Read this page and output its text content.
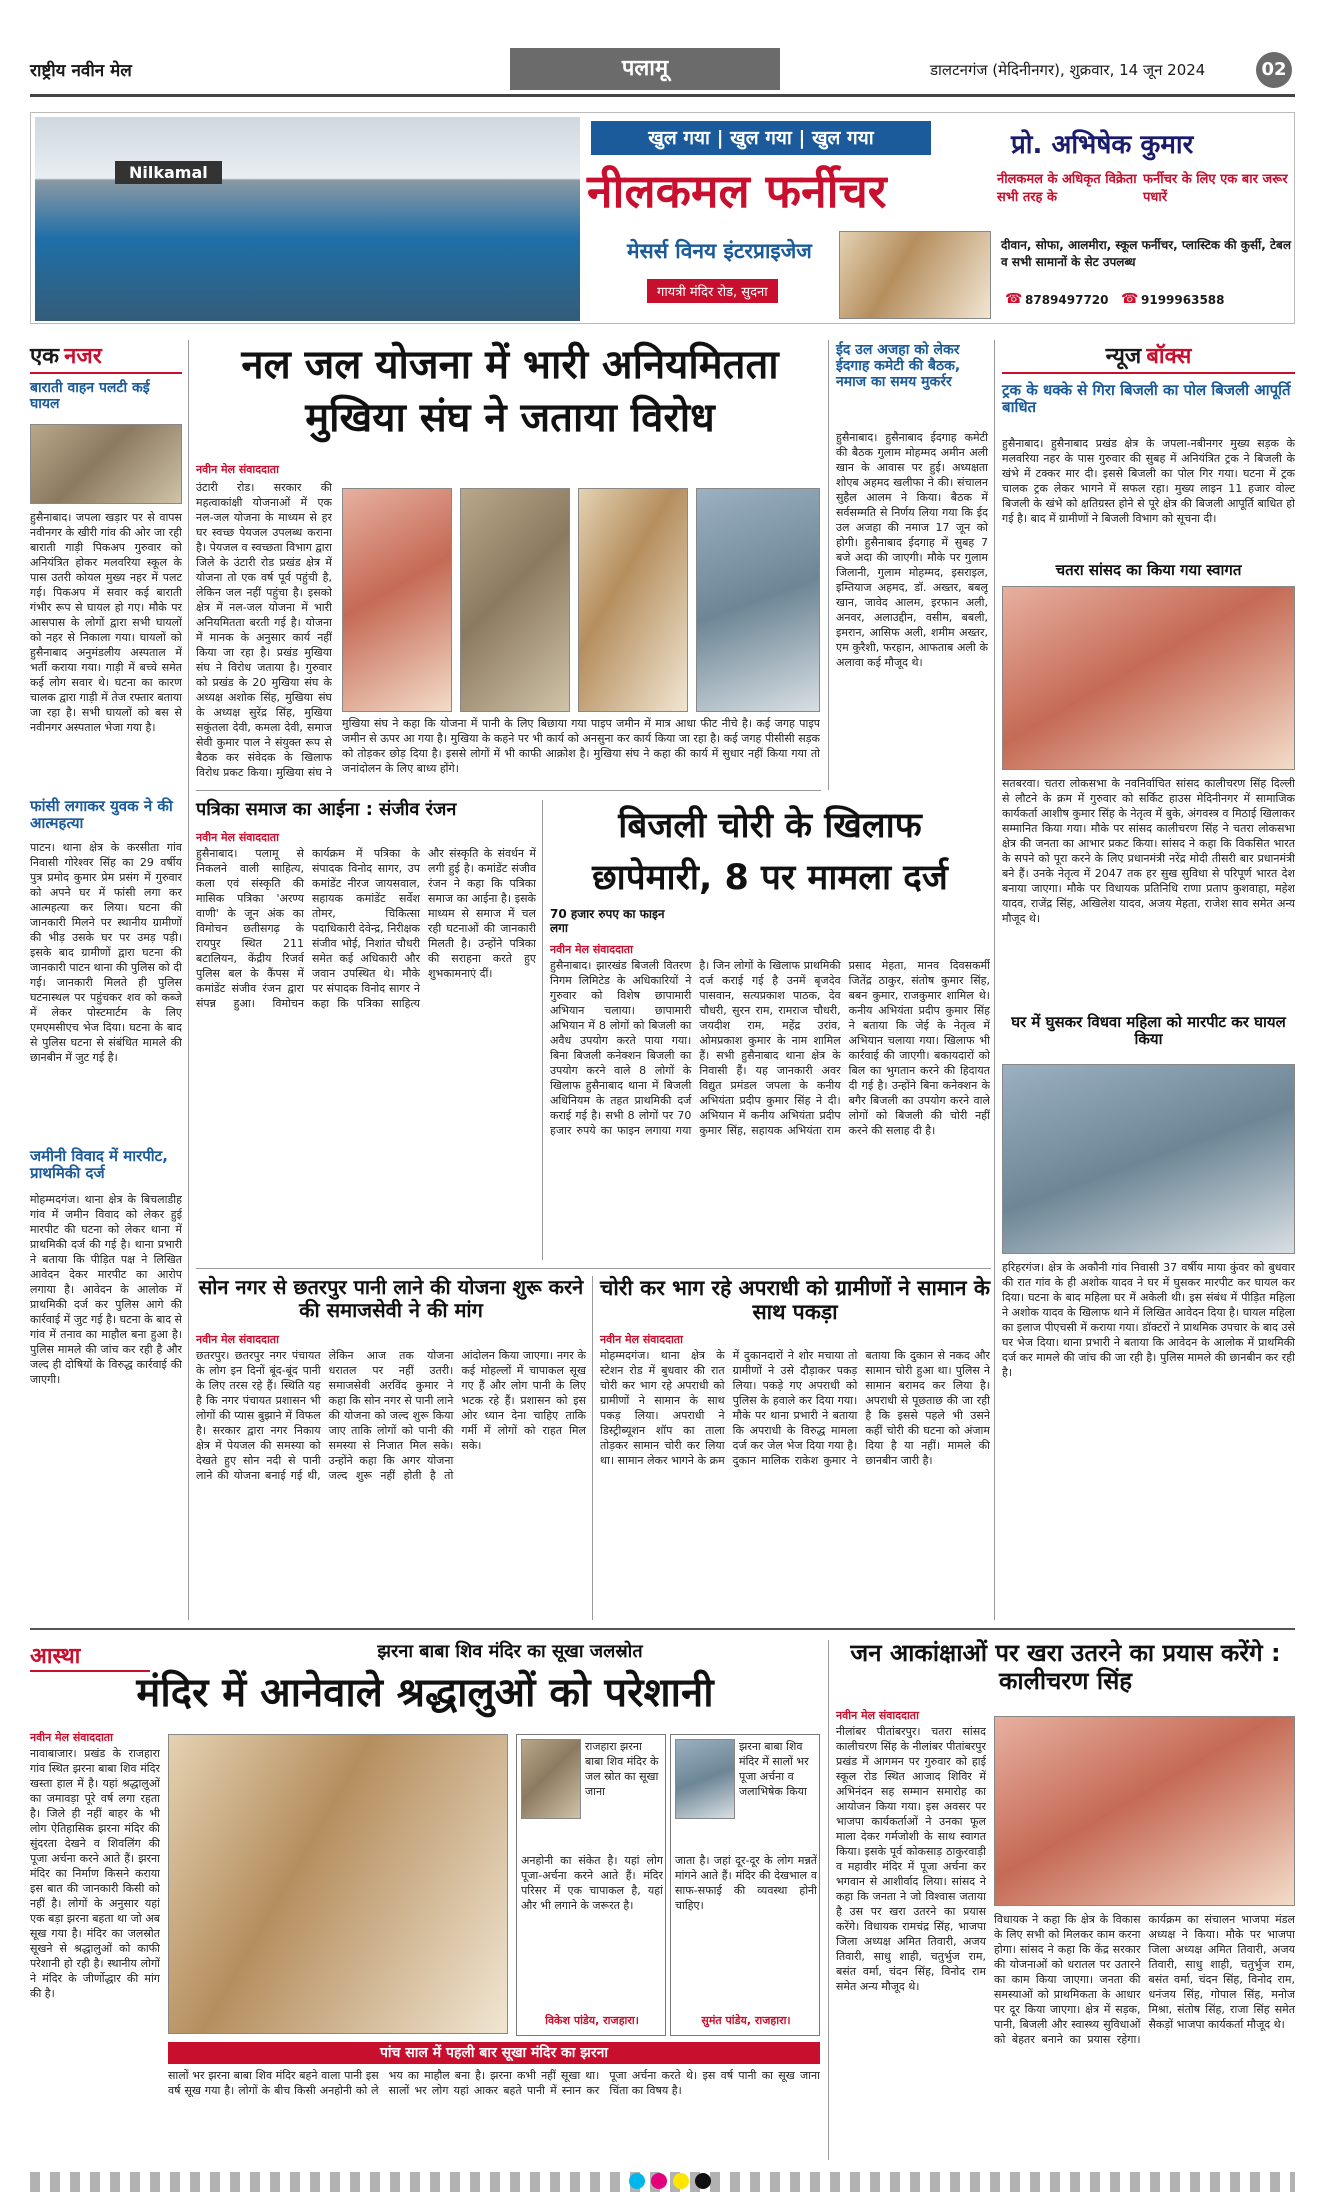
राष्ट्रीय नवीन मेल	पलामू	डालटनगंज (मेदिनीनगर), शुक्रवार, 14 जून 2024	02
Nilkamal
खुल गया | खुल गया | खुल गया
नीलकमल फर्नीचर
मेसर्स विनय इंटरप्राइजेज
गायत्री मंदिर रोड, सुदना
प्रो. अभिषेक कुमार
नीलकमल के अधिकृत विक्रेता सभी तरह के
फर्नीचर के लिए एक बार जरूर पधारें
दीवान, सोफा, आलमीरा, स्कूल फर्नीचर, प्लास्टिक की कुर्सी, टेबल व सभी सामानों के सेट उपलब्ध
☎ 8789497720 ☎ 9199963588
एक नजर
बाराती वाहन पलटी कई घायल
हुसैनाबाद। जपला खड़ार पर से वापस नवीनगर के खीरी गांव की ओर जा रही बाराती गाड़ी पिकअप गुरुवार को अनियंत्रित होकर मलवरिया स्कूल के पास उतरी कोयल मुख्य नहर में पलट गई। पिकअप में सवार कई बाराती गंभीर रूप से घायल हो गए। मौके पर आसपास के लोगों द्वारा सभी घायलों को नहर से निकाला गया। घायलों को हुसैनाबाद अनुमंडलीय अस्पताल में भर्ती कराया गया। गाड़ी में बच्चे समेत कई लोग सवार थे। घटना का कारण चालक द्वारा गाड़ी में तेज रफ्तार बताया जा रहा है। सभी घायलों को बस से नवीनगर अस्पताल भेजा गया है।
फांसी लगाकर युवक ने की आत्महत्या
पाटन। थाना क्षेत्र के करसीता गांव निवासी गोरेश्वर सिंह का 29 वर्षीय पुत्र प्रमोद कुमार प्रेम प्रसंग में गुरुवार को अपने घर में फांसी लगा कर आत्महत्या कर लिया। घटना की जानकारी मिलने पर स्थानीय ग्रामीणों की भीड़ उसके घर पर उमड़ पड़ी। इसके बाद ग्रामीणों द्वारा घटना की जानकारी पाटन थाना की पुलिस को दी गई। जानकारी मिलते ही पुलिस घटनास्थल पर पहुंचकर शव को कब्जे में लेकर पोस्टमार्टम के लिए एमएमसीएच भेज दिया। घटना के बाद से पुलिस घटना से संबंधित मामले की छानबीन में जुट गई है।
जमीनी विवाद में मारपीट, प्राथमिकी दर्ज
मोहम्मदगंज। थाना क्षेत्र के बिचलाडीह गांव में जमीन विवाद को लेकर हुई मारपीट की घटना को लेकर थाना में प्राथमिकी दर्ज की गई है। थाना प्रभारी ने बताया कि पीड़ित पक्ष ने लिखित आवेदन देकर मारपीट का आरोप लगाया है। आवेदन के आलोक में प्राथमिकी दर्ज कर पुलिस आगे की कार्रवाई में जुट गई है। घटना के बाद से गांव में तनाव का माहौल बना हुआ है। पुलिस मामले की जांच कर रही है और जल्द ही दोषियों के विरुद्ध कार्रवाई की जाएगी।
नल जल योजना में भारी अनियमितता
मुखिया संघ ने जताया विरोध
नवीन मेल संवाददाता
उंटारी रोड। सरकार की महत्वाकांक्षी योजनाओं में एक नल-जल योजना के माध्यम से हर घर स्वच्छ पेयजल उपलब्ध कराना है। पेयजल व स्वच्छता विभाग द्वारा जिले के उंटारी रोड प्रखंड क्षेत्र में योजना तो एक वर्ष पूर्व पहुंची है, लेकिन जल नहीं पहुंचा है। इसको क्षेत्र में नल-जल योजना में भारी अनियमितता बरती गई है। योजना में मानक के अनुसार कार्य नहीं किया जा रहा है। प्रखंड मुखिया संघ ने विरोध जताया है। गुरुवार को प्रखंड के 20 मुखिया संघ के अध्यक्ष अशोक सिंह, मुखिया संघ के अध्यक्ष सुरेंद्र सिंह, मुखिया सकुंतला देवी, कमला देवी, समाज सेवी कुमार पाल ने संयुक्त रूप से बैठक कर संवेदक के खिलाफ विरोध प्रकट किया। मुखिया संघ ने
मुखिया संघ ने कहा कि योजना में पानी के लिए बिछाया गया पाइप जमीन में मात्र आधा फीट नीचे है। कई जगह पाइप जमीन से ऊपर आ गया है। मुखिया के कहने पर भी कार्य को अनसुना कर कार्य किया जा रहा है। कई जगह पीसीसी सड़क को तोड़कर छोड़ दिया है। इससे लोगों में भी काफी आक्रोश है। मुखिया संघ ने कहा की कार्य में सुधार नहीं किया गया तो जनांदोलन के लिए बाध्य होंगे।
ईद उल अजहा को लेकर ईदगाह कमेटी की बैठक, नमाज का समय मुकर्रर
हुसैनाबाद। हुसैनाबाद ईदगाह कमेटी की बैठक गुलाम मोहम्मद अमीन अली खान के आवास पर हुई। अध्यक्षता शोएब अहमद खलीफा ने की। संचालन सुहैल आलम ने किया। बैठक में सर्वसम्मति से निर्णय लिया गया कि ईद उल अजहा की नमाज 17 जून को होगी। हुसैनाबाद ईदगाह में सुबह 7 बजे अदा की जाएगी। मौके पर गुलाम जिलानी, गुलाम मोहम्मद, इसराइल, इम्तियाज अहमद, डॉ. अख्तर, बबलू खान, जावेद आलम, इरफान अली, अनवर, अलाउद्दीन, वसीम, बबली, इमरान, आसिफ अली, शमीम अख्तर, एम कुरैशी, फरहान, आफताब अली के अलावा कई मौजूद थे।
न्यूज बॉक्स
ट्रक के धक्के से गिरा बिजली का पोल बिजली आपूर्ति बाधित
हुसैनाबाद। हुसैनाबाद प्रखंड क्षेत्र के जपला-नबीनगर मुख्य सड़क के मलवरिया नहर के पास गुरुवार की सुबह में अनियंत्रित ट्रक ने बिजली के खंभे में टक्कर मार दी। इससे बिजली का पोल गिर गया। घटना में ट्रक चालक ट्रक लेकर भागने में सफल रहा। मुख्य लाइन 11 हजार वोल्ट बिजली के खंभे को क्षतिग्रस्त होने से पूरे क्षेत्र की बिजली आपूर्ति बाधित हो गई है। बाद में ग्रामीणों ने बिजली विभाग को सूचना दी।
चतरा सांसद का किया गया स्वागत
सतबरवा। चतरा लोकसभा के नवनिर्वाचित सांसद कालीचरण सिंह दिल्ली से लौटने के क्रम में गुरुवार को सर्किट हाउस मेदिनीनगर में सामाजिक कार्यकर्ता आशीष कुमार सिंह के नेतृत्व में बुके, अंगवस्त्र व मिठाई खिलाकर सम्मानित किया गया। मौके पर सांसद कालीचरण सिंह ने चतरा लोकसभा क्षेत्र की जनता का आभार प्रकट किया। सांसद ने कहा कि विकसित भारत के सपने को पूरा करने के लिए प्रधानमंत्री नरेंद्र मोदी तीसरी बार प्रधानमंत्री बने हैं। उनके नेतृत्व में 2047 तक हर सुख सुविधा से परिपूर्ण भारत देश बनाया जाएगा। मौके पर विधायक प्रतिनिधि राणा प्रताप कुशवाहा, महेश यादव, राजेंद्र सिंह, अखिलेश यादव, अजय मेहता, राजेश साव समेत अन्य मौजूद थे।
घर में घुसकर विधवा महिला को मारपीट कर घायल किया
हरिहरगंज। क्षेत्र के अकौनी गांव निवासी 37 वर्षीय माया कुंवर को बुधवार की रात गांव के ही अशोक यादव ने घर में घुसकर मारपीट कर घायल कर दिया। घटना के बाद महिला घर में अकेली थी। इस संबंध में पीड़ित महिला ने अशोक यादव के खिलाफ थाने में लिखित आवेदन दिया है। घायल महिला का इलाज पीएचसी में कराया गया। डॉक्टरों ने प्राथमिक उपचार के बाद उसे घर भेज दिया। थाना प्रभारी ने बताया कि आवेदन के आलोक में प्राथमिकी दर्ज कर मामले की जांच की जा रही है। पुलिस मामले की छानबीन कर रही है।
पत्रिका समाज का आईना : संजीव रंजन
नवीन मेल संवाददाता
हुसैनाबाद। पलामू से निकलने वाली साहित्य, कला एवं संस्कृति की मासिक पत्रिका 'अरण्य वाणी' के जून अंक का विमोचन छतीसगढ़ के रायपुर स्थित 211 बटालियन, केंद्रीय रिजर्व पुलिस बल के कैंपस में कमांडेंट संजीव रंजन द्वारा संपन्न हुआ। विमोचन कार्यक्रम में पत्रिका के संपादक विनोद सागर, उप कमांडेंट नीरज जायसवाल, सहायक कमांडेंट सर्वेश तोमर, चिकित्सा पदाधिकारी देवेन्द्र, निरीक्षक संजीव भोई, निशांत चौधरी समेत कई अधिकारी और जवान उपस्थित थे। मौके पर संपादक विनोद सागर ने कहा कि पत्रिका साहित्य और संस्कृति के संवर्धन में लगी हुई है। कमांडेंट संजीव रंजन ने कहा कि पत्रिका समाज का आईना है। इसके माध्यम से समाज में चल रही घटनाओं की जानकारी मिलती है। उन्होंने पत्रिका की सराहना करते हुए शुभकामनाएं दीं।
बिजली चोरी के खिलाफ
छापेमारी, 8 पर मामला दर्ज
70 हजार रुपए का फाइन लगा
नवीन मेल संवाददाता
हुसैनाबाद। झारखंड बिजली वितरण निगम लिमिटेड के अधिकारियों ने गुरुवार को विशेष छापामारी अभियान चलाया। छापामारी अभियान में 8 लोगों को बिजली का अवैध उपयोग करते पाया गया। बिना बिजली कनेक्शन बिजली का उपयोग करने वाले 8 लोगों के खिलाफ हुसैनाबाद थाना में बिजली अधिनियम के तहत प्राथमिकी दर्ज कराई गई है। सभी 8 लोगों पर 70 हजार रुपये का फाइन लगाया गया है। जिन लोगों के खिलाफ प्राथमिकी दर्ज कराई गई है उनमें बृजदेव पासवान, सत्यप्रकाश पाठक, देव चौधरी, सुरन राम, रामराज चौधरी, जयदीश राम, महेंद्र उरांव, ओमप्रकाश कुमार के नाम शामिल हैं। सभी हुसैनाबाद थाना क्षेत्र के निवासी हैं। यह जानकारी अवर विद्युत प्रमंडल जपला के कनीय अभियंता प्रदीप कुमार सिंह ने दी। अभियान में कनीय अभियंता प्रदीप कुमार सिंह, सहायक अभियंता राम प्रसाद मेहता, मानव दिवसकर्मी जितेंद्र ठाकुर, संतोष कुमार सिंह, बबन कुमार, राजकुमार शामिल थे। कनीय अभियंता प्रदीप कुमार सिंह ने बताया कि जेई के नेतृत्व में अभियान चलाया गया। खिलाफ भी कार्रवाई की जाएगी। बकायदारों को बिल का भुगतान करने की हिदायत दी गई है। उन्होंने बिना कनेक्शन के बगैर बिजली का उपयोग करने वाले लोगों को बिजली की चोरी नहीं करने की सलाह दी है।
सोन नगर से छतरपुर पानी लाने की योजना शुरू करने की समाजसेवी ने की मांग
नवीन मेल संवाददाता
छतरपुर। छतरपुर नगर पंचायत के लोग इन दिनों बूंद-बूंद पानी के लिए तरस रहे हैं। स्थिति यह है कि नगर पंचायत प्रशासन भी लोगों की प्यास बुझाने में विफल है। सरकार द्वारा नगर निकाय क्षेत्र में पेयजल की समस्या को देखते हुए सोन नदी से पानी लाने की योजना बनाई गई थी, लेकिन आज तक योजना धरातल पर नहीं उतरी। समाजसेवी अरविंद कुमार ने कहा कि सोन नगर से पानी लाने की योजना को जल्द शुरू किया जाए ताकि लोगों को पानी की समस्या से निजात मिल सके। उन्होंने कहा कि अगर योजना जल्द शुरू नहीं होती है तो आंदोलन किया जाएगा। नगर के कई मोहल्लों में चापाकल सूख गए हैं और लोग पानी के लिए भटक रहे हैं। प्रशासन को इस ओर ध्यान देना चाहिए ताकि गर्मी में लोगों को राहत मिल सके।
चोरी कर भाग रहे अपराधी को ग्रामीणों ने सामान के साथ पकड़ा
नवीन मेल संवाददाता
मोहम्मदगंज। थाना क्षेत्र के स्टेशन रोड में बुधवार की रात चोरी कर भाग रहे अपराधी को ग्रामीणों ने सामान के साथ पकड़ लिया। अपराधी ने डिस्ट्रीब्यूशन शॉप का ताला तोड़कर सामान चोरी कर लिया था। सामान लेकर भागने के क्रम में दुकानदारों ने शोर मचाया तो ग्रामीणों ने उसे दौड़ाकर पकड़ लिया। पकड़े गए अपराधी को पुलिस के हवाले कर दिया गया। मौके पर थाना प्रभारी ने बताया कि अपराधी के विरुद्ध मामला दर्ज कर जेल भेज दिया गया है। दुकान मालिक राकेश कुमार ने बताया कि दुकान से नकद और सामान चोरी हुआ था। पुलिस ने सामान बरामद कर लिया है। अपराधी से पूछताछ की जा रही है कि इससे पहले भी उसने कहीं चोरी की घटना को अंजाम दिया है या नहीं। मामले की छानबीन जारी है।
आस्था	झरना बाबा शिव मंदिर का सूखा जलस्रोत
मंदिर में आनेवाले श्रद्धालुओं को परेशानी
नवीन मेल संवाददाता
नावाबाजार। प्रखंड के राजहारा गांव स्थित झरना बाबा शिव मंदिर खस्ता हाल में है। यहां श्रद्धालुओं का जमावड़ा पूरे वर्ष लगा रहता है। जिले ही नहीं बाहर के भी लोग ऐतिहासिक झरना मंदिर की सुंदरता देखने व शिवलिंग की पूजा अर्चना करने आते हैं। झरना मंदिर का निर्माण किसने कराया इस बात की जानकारी किसी को नहीं है। लोगों के अनुसार यहां एक बड़ा झरना बहता था जो अब सूख गया है। मंदिर का जलस्रोत सूखने से श्रद्धालुओं को काफी परेशानी हो रही है। स्थानीय लोगों ने मंदिर के जीर्णोद्धार की मांग की है।
राजहारा झरना बाबा शिव मंदिर के जल स्रोत का सूखा जाना
अनहोनी का संकेत है। यहां लोग पूजा-अर्चना करने आते हैं। मंदिर परिसर में एक चापाकल है, यहां और भी लगाने के जरूरत है।
विकेश पांडेय, राजहारा।
झरना बाबा शिव मंदिर में सालों भर पूजा अर्चना व जलाभिषेक किया
जाता है। जहां दूर-दूर के लोग मन्नतें मांगने आते हैं। मंदिर की देखभाल व साफ-सफाई की व्यवस्था होनी चाहिए।
सुमंत पांडेय, राजहारा।
पांच साल में पहली बार सूखा मंदिर का झरना
सालों भर झरना बाबा शिव मंदिर बहने वाला पानी इस वर्ष सूख गया है। लोगों के बीच किसी अनहोनी को ले भय का माहौल बना है। झरना कभी नहीं सूखा था। सालों भर लोग यहां आकर बहते पानी में स्नान कर पूजा अर्चना करते थे। इस वर्ष पानी का सूख जाना चिंता का विषय है।
जन आकांक्षाओं पर खरा उतरने का प्रयास करेंगे : कालीचरण सिंह
नवीन मेल संवाददाता
नीलांबर पीतांबरपुर। चतरा सांसद कालीचरण सिंह के नीलांबर पीतांबरपुर प्रखंड में आगमन पर गुरुवार को हाई स्कूल रोड स्थित आजाद शिविर में अभिनंदन सह सम्मान समारोह का आयोजन किया गया। इस अवसर पर भाजपा कार्यकर्ताओं ने उनका फूल माला देकर गर्मजोशी के साथ स्वागत किया। इसके पूर्व कोकसाड़ ठाकुरवाड़ी व महावीर मंदिर में पूजा अर्चना कर भगवान से आशीर्वाद लिया। सांसद ने कहा कि जनता ने जो विश्वास जताया है उस पर खरा उतरने का प्रयास करेंगे। विधायक रामचंद्र सिंह, भाजपा जिला अध्यक्ष अमित तिवारी, अजय तिवारी, साधु शाही, चतुर्भुज राम, बसंत वर्मा, चंदन सिंह, विनोद राम समेत अन्य मौजूद थे।
विधायक ने कहा कि क्षेत्र के विकास के लिए सभी को मिलकर काम करना होगा। सांसद ने कहा कि केंद्र सरकार की योजनाओं को धरातल पर उतारने का काम किया जाएगा। जनता की समस्याओं को प्राथमिकता के आधार पर दूर किया जाएगा। क्षेत्र में सड़क, पानी, बिजली और स्वास्थ्य सुविधाओं को बेहतर बनाने का प्रयास रहेगा। कार्यक्रम का संचालन भाजपा मंडल अध्यक्ष ने किया। मौके पर भाजपा जिला अध्यक्ष अमित तिवारी, अजय तिवारी, साधु शाही, चतुर्भुज राम, बसंत वर्मा, चंदन सिंह, विनोद राम, धनंजय सिंह, गोपाल सिंह, मनोज मिश्रा, संतोष सिंह, राजा सिंह समेत सैकड़ों भाजपा कार्यकर्ता मौजूद थे।
